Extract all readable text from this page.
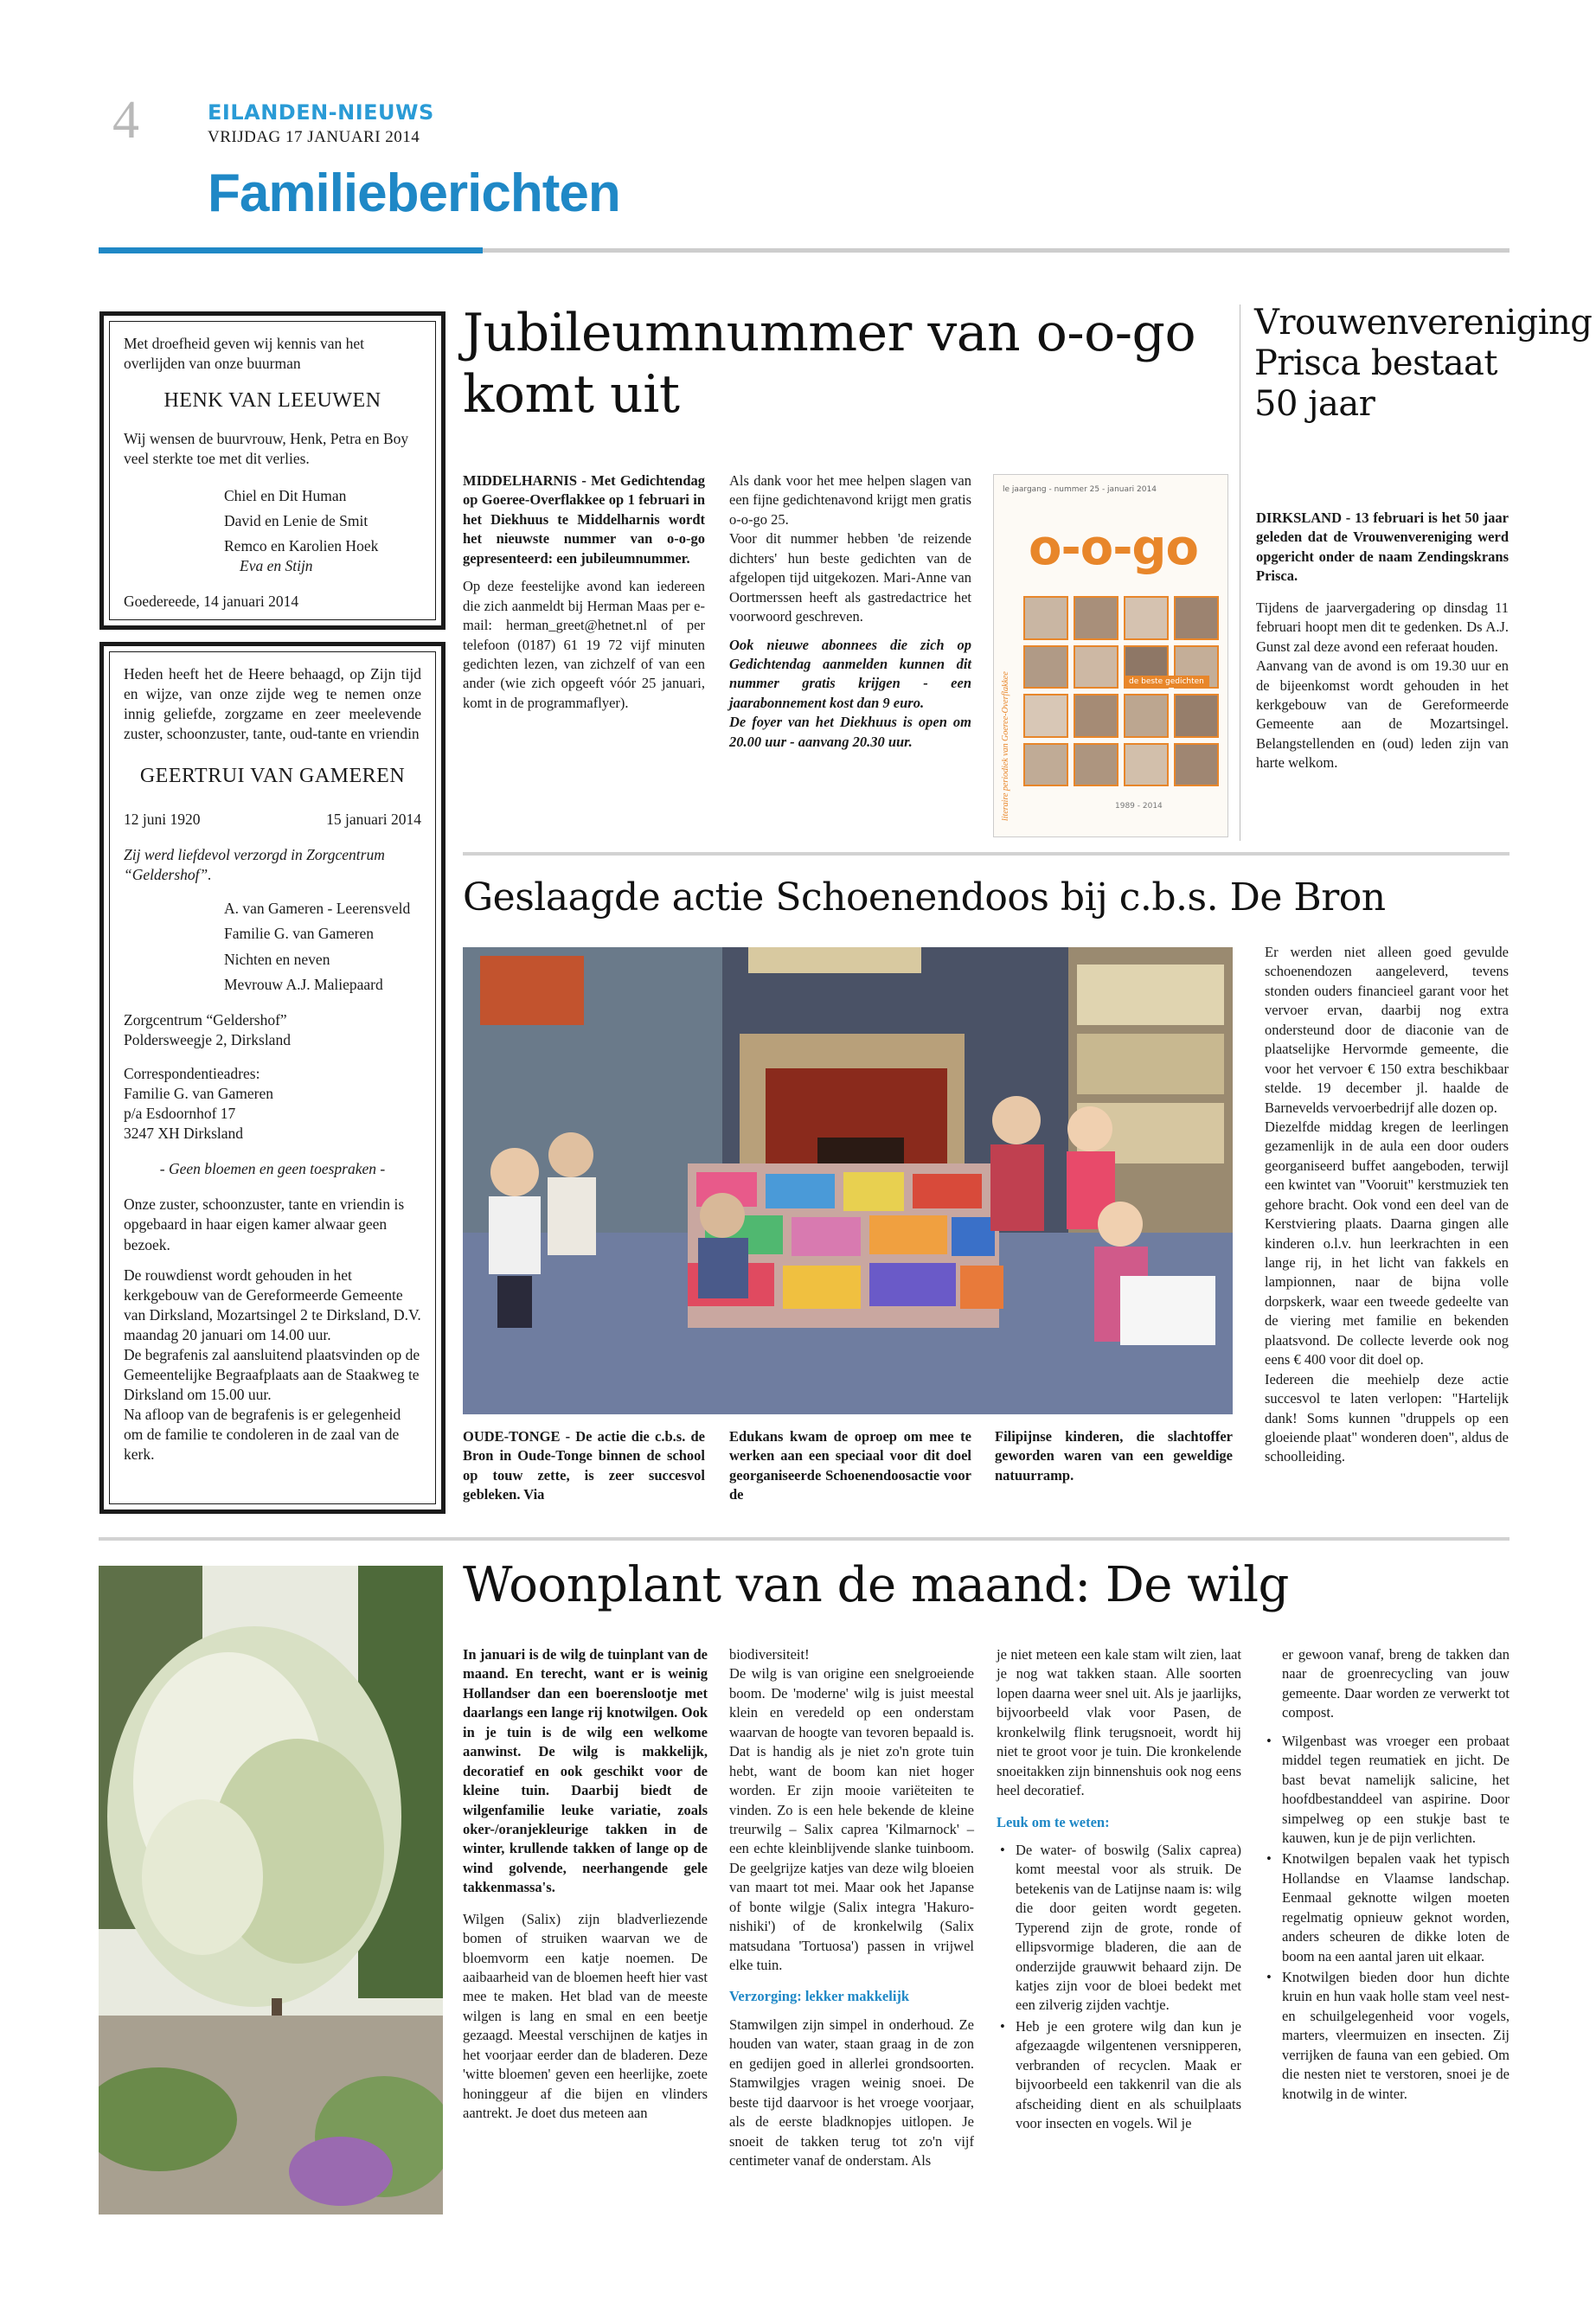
4	EILANDEN-NIEUWS
VRIJDAG 17 JANUARI 2014
Familieberichten

Met droefheid geven wij kennis van het overlijden van onze buurman

HENK VAN LEEUWEN

Wij wensen de buurvrouw, Henk, Petra en Boy veel sterkte toe met dit verlies.

Chiel en Dit Human

David en Lenie de Smit

Remco en Karolien Hoek

Eva en Stijn

Goedereede, 14 januari 2014

Heden heeft het de Heere behaagd, op Zijn tijd en wijze, van onze zijde weg te nemen onze innig geliefde, zorgzame en zeer meelevende zuster, schoonzuster, tante, oud-tante en vriendin

GEERTRUI VAN GAMEREN

12 juni 1920	15 januari 2014

Zij werd liefdevol verzorgd in Zorgcentrum “Geldershof”.

A. van Gameren - Leerensveld

Familie G. van Gameren

Nichten en neven

Mevrouw A.J. Maliepaard

Zorgcentrum “Geldershof”

Poldersweegje 2, Dirksland

Correspondentieadres:

Familie G. van Gameren

p/a Esdoornhof 17

3247 XH Dirksland

- Geen bloemen en geen toespraken -

Onze zuster, schoonzuster, tante en vriendin is opgebaard in haar eigen kamer alwaar geen bezoek.

De rouwdienst wordt gehouden in het kerkgebouw van de Gereformeerde Gemeente van Dirksland, Mozartsingel 2 te Dirksland, D.V. maandag 20 januari om 14.00 uur.

De begrafenis zal aansluitend plaatsvinden op de Gemeentelijke Begraafplaats aan de Staakweg te Dirksland om 15.00 uur.

Na afloop van de begrafenis is er gelegenheid om de familie te condoleren in de zaal van de kerk.

Jubileumnummer van o-o-go komt uit

MIDDELHARNIS - Met Gedichtendag op Goeree-Overflakkee op 1 februari in het Diekhuus te Middelharnis wordt het nieuwste nummer van o-o-go gepresenteerd: een jubileumnummer.

Op deze feestelijke avond kan iedereen die zich aanmeldt bij Herman Maas per e-mail: herman_greet@hetnet.nl of per telefoon (0187) 61 19 72 vijf minuten gedichten lezen, van zichzelf of van een ander (wie zich opgeeft vóór 25 januari, komt in de programmaflyer).

Als dank voor het mee helpen slagen van een fijne gedichtenavond krijgt men gratis o-o-go 25.

Voor dit nummer hebben 'de reizende dichters' hun beste gedichten van de afgelopen tijd uitgekozen. Mari-Anne van Oortmerssen heeft als gastredactrice het voorwoord geschreven.

Ook nieuwe abonnees die zich op Gedichtendag aanmelden kunnen dit nummer gratis krijgen - een jaarabonnement kost dan 9 euro.

De foyer van het Diekhuus is open om 20.00 uur - aanvang 20.30 uur.

le jaargang - nummer 25 - januari 2014
o-o-go
literaire periodiek van Goeree-Overflakkee	de beste gedichten
1989 - 2014
Vrouwenvereniging Prisca bestaat 50 jaar

DIRKSLAND - 13 februari is het 50 jaar geleden dat de Vrouwenvereniging werd opgericht onder de naam Zendingskrans Prisca.

Tijdens de jaarvergadering op dinsdag 11 februari hoopt men dit te gedenken. Ds A.J. Gunst zal deze avond een referaat houden.

Aanvang van de avond is om 19.30 uur en de bijeenkomst wordt gehouden in het kerkgebouw van de Gereformeerde Gemeente aan de Mozartsingel. Belangstellenden en (oud) leden zijn van harte welkom.

Geslaagde actie Schoenendoos bij c.b.s. De Bron

OUDE-TONGE - De actie die c.b.s. de Bron in Oude-Tonge binnen de school op touw zette, is zeer succesvol gebleken. Via

Edukans kwam de oproep om mee te werken aan een speciaal voor dit doel georganiseerde Schoenendoosactie voor de

Filipijnse kinderen, die slachtoffer geworden waren van een geweldige natuurramp.

Er werden niet alleen goed gevulde schoenendozen aangeleverd, tevens stonden ouders financieel garant voor het vervoer ervan, daarbij nog extra ondersteund door de diaconie van de plaatselijke Hervormde gemeente, die voor het vervoer € 150 extra beschikbaar stelde. 19 december jl. haalde de Barnevelds vervoerbedrijf alle dozen op.

Diezelfde middag kregen de leerlingen gezamenlijk in de aula een door ouders georganiseerd buffet aangeboden, terwijl een kwintet van "Vooruit" kerstmuziek ten gehore bracht. Ook vond een deel van de Kerstviering plaats. Daarna gingen alle kinderen o.l.v. hun leerkrachten in een lange rij, in het licht van fakkels en lampionnen, naar de bijna volle dorpskerk, waar een tweede gedeelte van de viering met familie en bekenden plaatsvond. De collecte leverde ook nog eens € 400 voor dit doel op.

Iedereen die meehielp deze actie succesvol te laten verlopen: "Hartelijk dank! Soms kunnen "druppels op een gloeiende plaat" wonderen doen", aldus de schoolleiding.

Woonplant van de maand: De wilg

In januari is de wilg de tuinplant van de maand. En terecht, want er is weinig Hollandser dan een boerenslootje met daarlangs een lange rij knotwilgen. Ook in je tuin is de wilg een welkome aanwinst. De wilg is makkelijk, decoratief en ook geschikt voor de kleine tuin. Daarbij biedt de wilgenfamilie leuke variatie, zoals oker-/oranjekleurige takken in de winter, krullende takken of lange op de wind golvende, neerhangende gele takkenmassa's.

Wilgen (Salix) zijn bladverliezende bomen of struiken waarvan we de bloemvorm een katje noemen. De aaibaarheid van de bloemen heeft hier vast mee te maken. Het blad van de meeste wilgen is lang en smal en een beetje gezaagd. Meestal verschijnen de katjes in het voorjaar eerder dan de bladeren. Deze 'witte bloemen' geven een heerlijke, zoete honinggeur af die bijen en vlinders aantrekt. Je doet dus meteen aan

biodiversiteit!

De wilg is van origine een snelgroeiende boom. De 'moderne' wilg is juist meestal klein en veredeld op een onderstam waarvan de hoogte van tevoren bepaald is. Dat is handig als je niet zo'n grote tuin hebt, want de boom kan niet hoger worden. Er zijn mooie variëteiten te vinden. Zo is een hele bekende de kleine treurwilg – Salix caprea 'Kilmarnock' – een echte kleinblijvende slanke tuinboom. De geelgrijze katjes van deze wilg bloeien van maart tot mei. Maar ook het Japanse of bonte wilgje (Salix integra 'Hakuro-nishiki') of de kronkelwilg (Salix matsudana 'Tortuosa') passen in vrijwel elke tuin.

Verzorging: lekker makkelijk

Stamwilgen zijn simpel in onderhoud. Ze houden van water, staan graag in de zon en gedijen goed in allerlei grondsoorten. Stamwilgjes vragen weinig snoei. De beste tijd daarvoor is het vroege voorjaar, als de eerste bladknopjes uitlopen. Je snoeit de takken terug tot zo'n vijf centimeter vanaf de onderstam. Als

je niet meteen een kale stam wilt zien, laat je nog wat takken staan. Alle soorten lopen daarna weer snel uit. Als je jaarlijks, bijvoorbeeld vlak voor Pasen, de kronkelwilg flink terugsnoeit, wordt hij niet te groot voor je tuin. Die kronkelende snoeitakken zijn binnenshuis ook nog eens heel decoratief.

Leuk om te weten:

• De water- of boswilg (Salix caprea) komt meestal voor als struik. De betekenis van de Latijnse naam is: wilg die door geiten wordt gegeten. Typerend zijn de grote, ronde of ellipsvormige bladeren, die aan de onderzijde grauwwit behaard zijn. De katjes zijn voor de bloei bedekt met een zilverig zijden vachtje.
• Heb je een grotere wilg dan kun je afgezaagde wilgentenen versnipperen, verbranden of recyclen. Maak er bijvoorbeeld een takkenril van die als afscheiding dient en als schuilplaats voor insecten en vogels. Wil je

er gewoon vanaf, breng de takken dan naar de groenrecycling van jouw gemeente. Daar worden ze verwerkt tot compost.

• Wilgenbast was vroeger een probaat middel tegen reumatiek en jicht. De bast bevat namelijk salicine, het hoofdbestanddeel van aspirine. Door simpelweg op een stukje bast te kauwen, kun je de pijn verlichten.
• Knotwilgen bepalen vaak het typisch Hollandse en Vlaamse landschap. Eenmaal geknotte wilgen moeten regelmatig opnieuw geknot worden, anders scheuren de dikke loten de boom na een aantal jaren uit elkaar.
• Knotwilgen bieden door hun dichte kruin en hun vaak holle stam veel nest- en schuilgelegenheid voor vogels, marters, vleermuizen en insecten. Zij verrijken de fauna van een gebied. Om die nesten niet te verstoren, snoei je de knotwilg in de winter.
